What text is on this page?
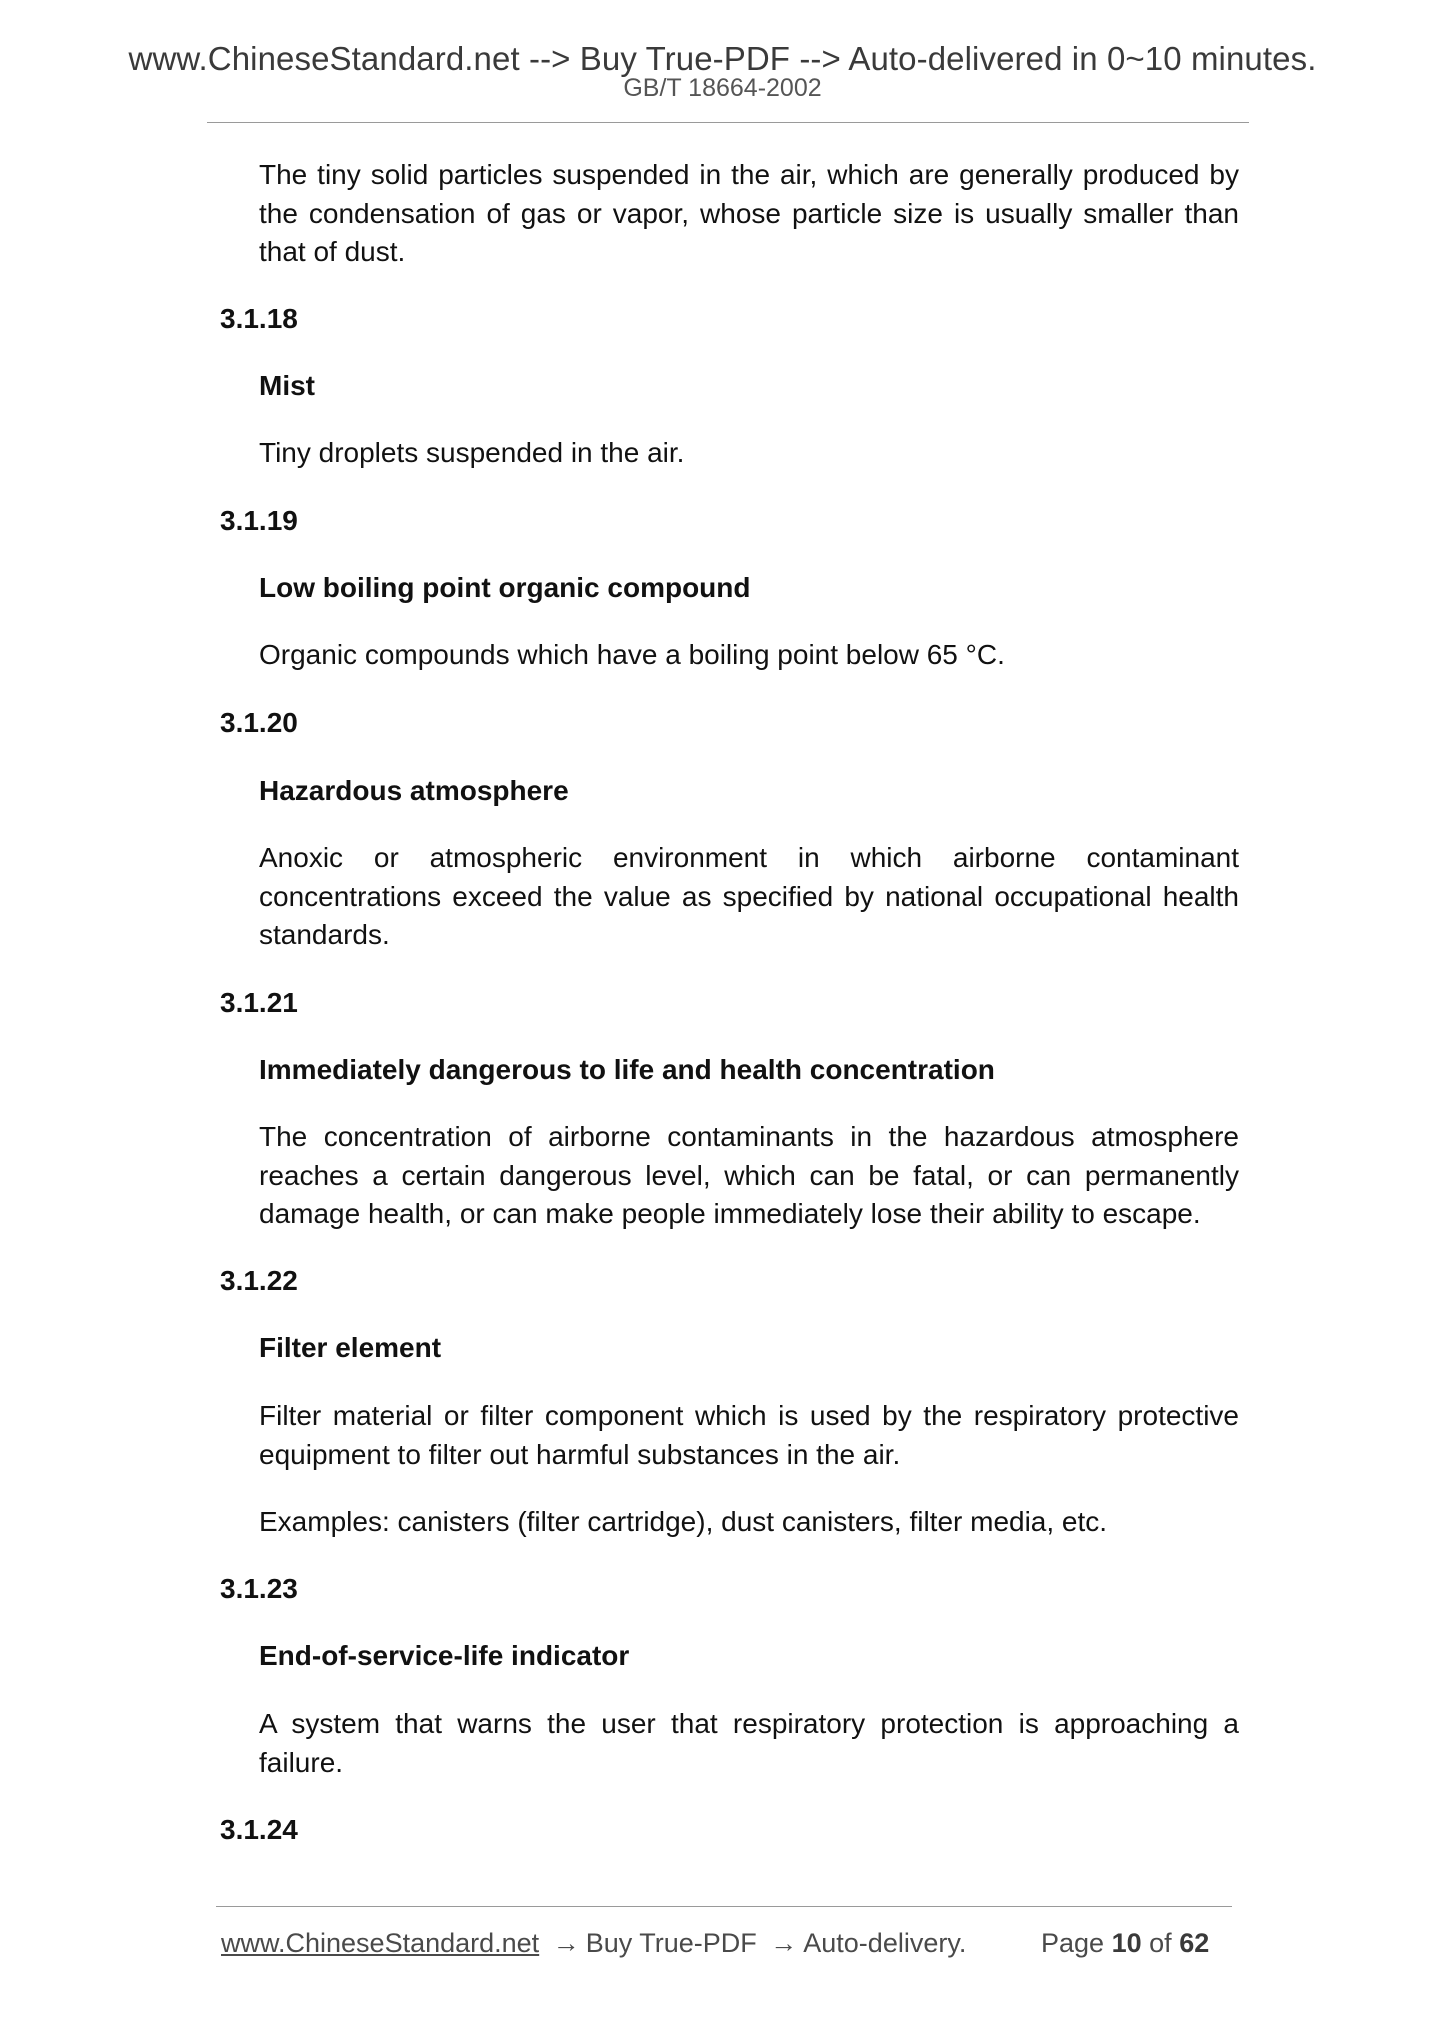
www.ChineseStandard.net --> Buy True-PDF --> Auto-delivered in 0~10 minutes.
GB/T 18664-2002

The tiny solid particles suspended in the air, which are generally produced by the condensation of gas or vapor, whose particle size is usually smaller than that of dust.

3.1.18
Mist

Tiny droplets suspended in the air.

3.1.19
Low boiling point organic compound

Organic compounds which have a boiling point below 65 °C.

3.1.20
Hazardous atmosphere

Anoxic or atmospheric environment in which airborne contaminant concentrations exceed the value as specified by national occupational health standards.

3.1.21
Immediately dangerous to life and health concentration

The concentration of airborne contaminants in the hazardous atmosphere reaches a certain dangerous level, which can be fatal, or can permanently damage health, or can make people immediately lose their ability to escape.

3.1.22
Filter element

Filter material or filter component which is used by the respiratory protective equipment to filter out harmful substances in the air.

Examples: canisters (filter cartridge), dust canisters, filter media, etc.

3.1.23
End-of-service-life indicator

A system that warns the user that respiratory protection is approaching a failure.

3.1.24
www.ChineseStandard.net → Buy True-PDF → Auto-delivery.	Page 10 of 62
